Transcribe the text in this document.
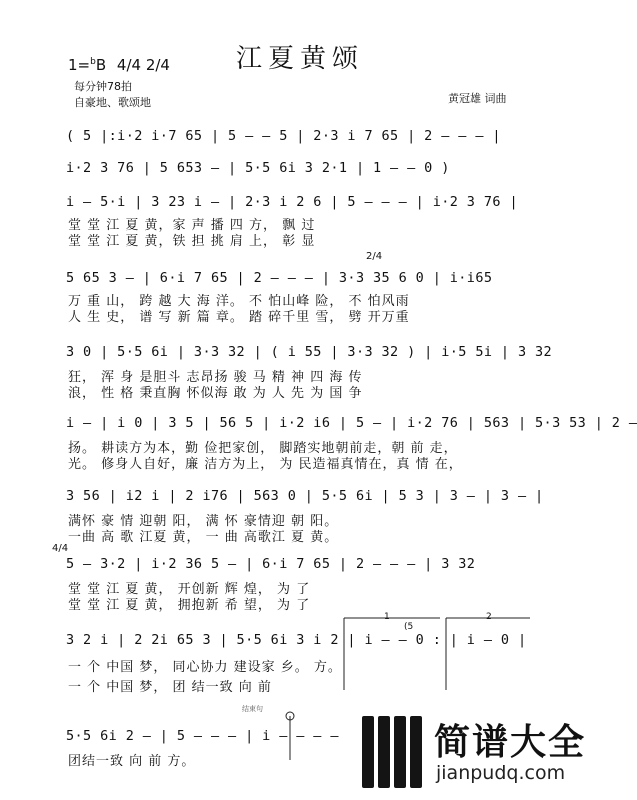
江夏黄颂
1=$^b$B 4/4 2/4
每分钟78拍
自豪地、歌颂地	黄冠雄 词曲
( 5 |:i·2 i·7 65 | 5 — — 5 | 2·3 i 7 65 | 2 — — — |
i·2 3 76 | 5 653 — | 5·5 6i 3 2·1 | 1 — — 0 )
i — 5·i | 3 23 i — | 2·3 i 2 6 | 5 — — — | i·2 3 76 |
堂 堂 江 夏 黄，家 声 播 四 方， 飘 过
堂 堂 江 夏 黄，铁 担 挑 肩 上， 彰 显
2/4
5 65 3 — | 6·i 7 65 | 2 — — — | 3·3 35 6 0 | i·i65
万 重 山， 跨 越 大 海 洋。 不 怕山峰 险， 不 怕风雨
人 生 史， 谱 写 新 篇 章。 踏 碎千里 雪， 劈 开万重
3 0 | 5·5 6i | 3·3 32 | ( i 55 | 3·3 32 ) | i·5 5i | 3 32
狂， 浑 身 是胆斗 志昂扬 骏 马 精 神 四 海 传
浪， 性 格 秉直胸 怀似海 敢 为 人 先 为 国 争
i — | i 0 | 3 5 | 56 5 | i·2 i6 | 5 — | i·2 76 | 563 | 5·3 53 | 2 —
扬。 耕读方为本，勤 俭把家创， 脚踏实地朝前走，朝 前 走，
光。 修身人自好，廉 洁方为上， 为 民造福真情在，真 情 在，
3 56 | i2 i | 2 i76 | 563 0 | 5·5 6i | 5 3 | 3 — | 3 — |
满怀 豪 情 迎朝 阳， 满 怀 豪情迎 朝 阳。
一曲 高 歌 江夏 黄， 一 曲 高歌江 夏 黄。
4/4
5 — 3·2 | i·2 36 5 — | 6·i 7 65 | 2 — — — | 3 32
堂 堂 江 夏 黄， 开创新 辉 煌， 为 了
堂 堂 江 夏 黄， 拥抱新 希 望， 为 了
1	2
(5
3 2 i | 2 2i 65 3 | 5·5 6i 3 i 2 | i — — 0 : | i — 0 |
一 个 中国 梦， 同心协力 建设家 乡。 方。
一 个 中国 梦， 团 结一致 向 前
结束句
5·5 6i 2 — | 5 — — — | i — — — —
团结一致 向 前 方。	简谱大全
jianpudq.com
